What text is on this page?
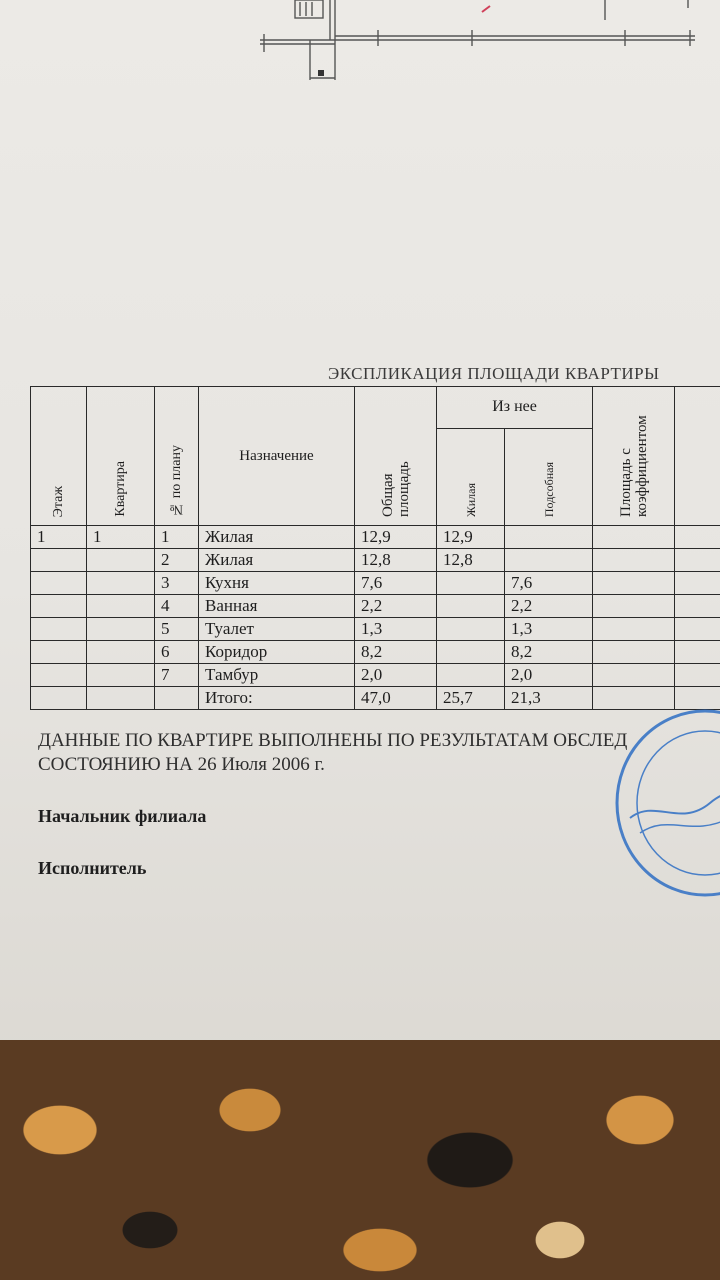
ЭКСПЛИКАЦИЯ ПЛОЩАДИ КВАРТИРЫ
Этаж	Квартира	№ по плану	Назначение	Общая площадь	Из нее		Площадь с коэффициентом	
					Жилая	Подсобная		
1	1	1	Жилая	12,9	12,9			
		2	Жилая	12,8	12,8			
		3	Кухня	7,6		7,6		
		4	Ванная	2,2		2,2		
		5	Туалет	1,3		1,3		
		6	Коридор	8,2		8,2		
		7	Тамбур	2,0		2,0		
			Итого:	47,0	25,7	21,3		
ДАННЫЕ ПО КВАРТИРЕ ВЫПОЛНЕНЫ ПО РЕЗУЛЬТАТАМ ОБСЛЕД
СОСТОЯНИЮ НА 26 Июля 2006 г.
Начальник филиала
Исполнитель
